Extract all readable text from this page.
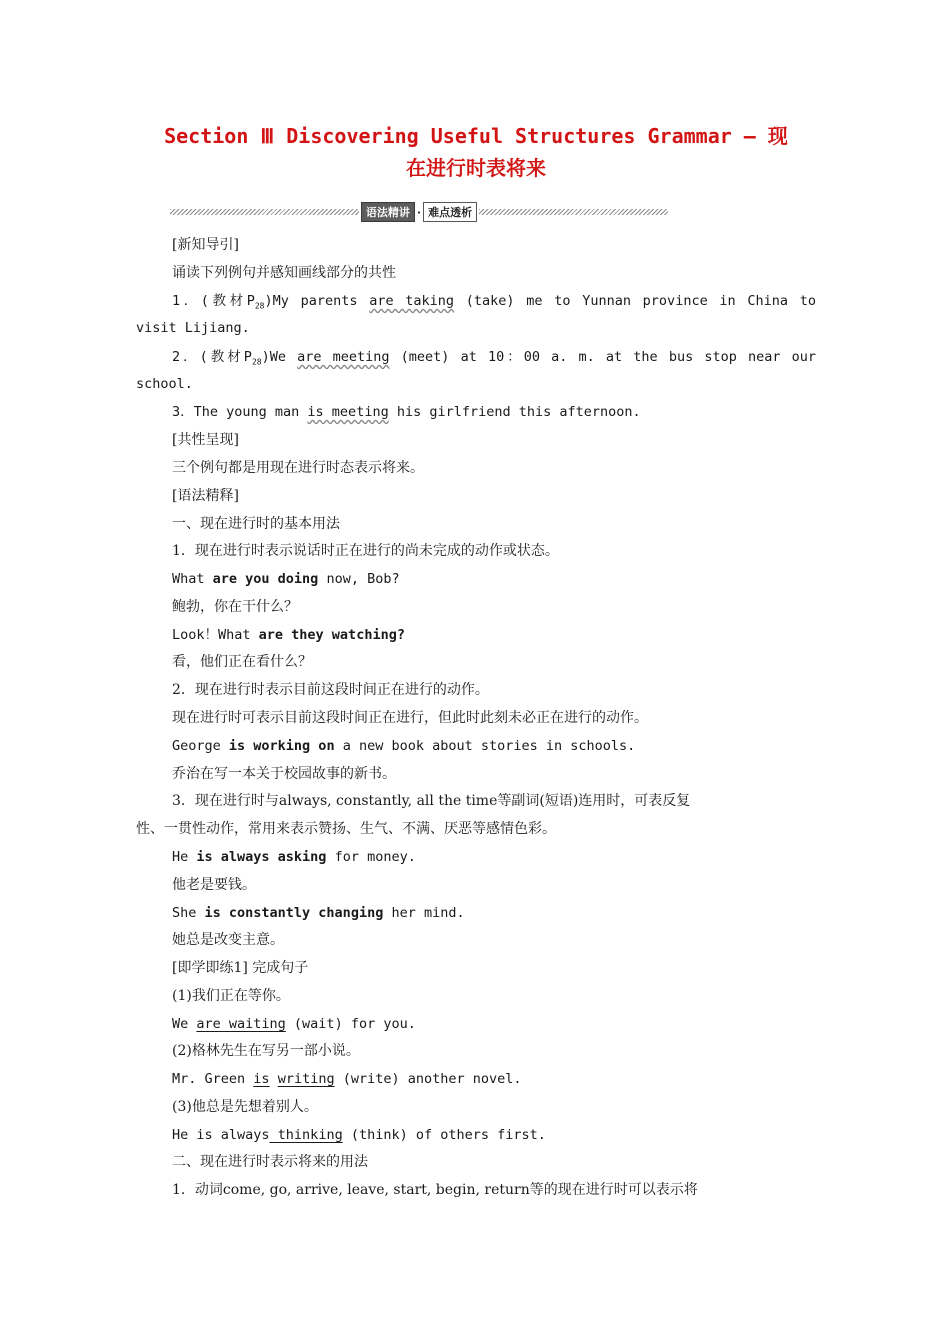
Section Ⅲ Discovering Useful Structures Grammar — 现
在进行时表将来
语法精讲 · 难点透析
[新知导引]
诵读下列例句并感知画线部分的共性
1．(教材$P_{28})My$ parents are taking (take) me to Yunnan province in China to
visit Lijiang.
2．(教材$P_{28})We$ are meeting (meet) at 10：00 a. m. at the bus stop near our
school.
3．The young man is meeting his girlfriend this afternoon.
[共性呈现]
三个例句都是用现在进行时态表示将来。
[语法精释]
一、现在进行时的基本用法
1．现在进行时表示说话时正在进行的尚未完成的动作或状态。
What are you doing now, Bob?
鲍勃，你在干什么？
Look！What are they watching?
看，他们正在看什么？
2．现在进行时表示目前这段时间正在进行的动作。
现在进行时可表示目前这段时间正在进行，但此时此刻未必正在进行的动作。
George is working on a new book about stories in schools.
乔治在写一本关于校园故事的新书。
3．现在进行时与always, constantly, all the time等副词(短语)连用时，可表反复
性、一贯性动作，常用来表示赞扬、生气、不满、厌恶等感情色彩。
He is always asking for money.
他老是要钱。
She is constantly changing her mind.
她总是改变主意。
[即学即练1] 完成句子
(1)我们正在等你。
We are waiting (wait) for you.
(2)格林先生在写另一部小说。
Mr. Green is writing (write) another novel.
(3)他总是先想着别人。
He is always thinking (think) of others first.
二、现在进行时表示将来的用法
1．动词come, go, arrive, leave, start, begin, return等的现在进行时可以表示将
